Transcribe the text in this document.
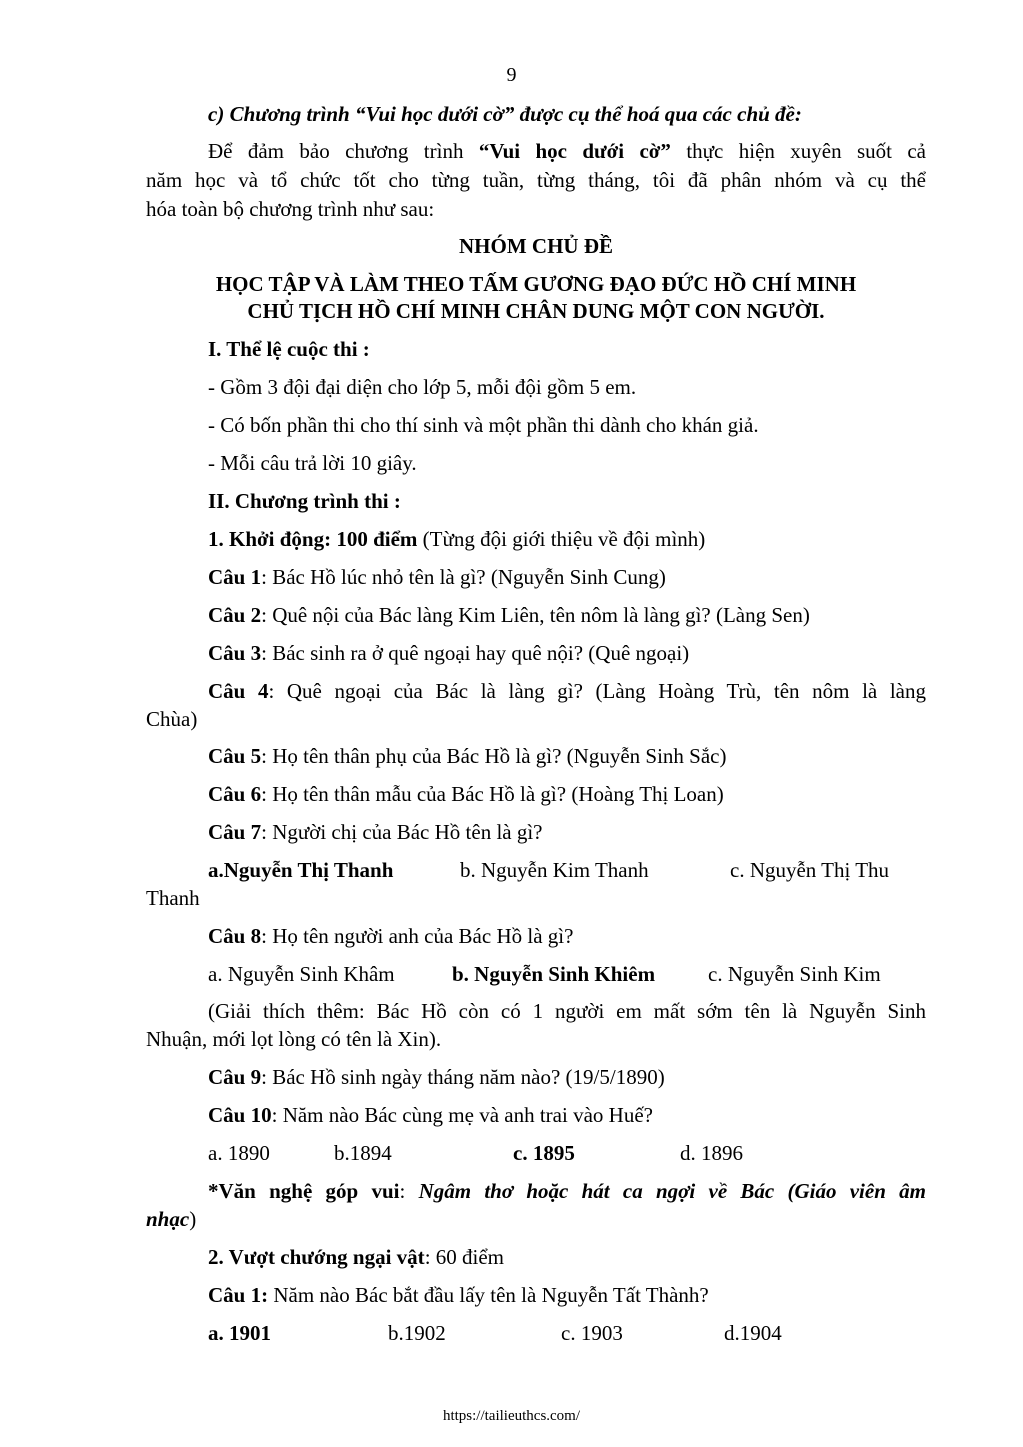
9
c) Chương trình “Vui học dưới cờ” được cụ thể hoá qua các chủ đề:
Để đảm bảo chương trình “Vui học dưới cờ” thực hiện xuyên suốt cả
năm học và tổ chức tốt cho từng tuần, từng tháng, tôi đã phân nhóm và cụ thể
hóa toàn bộ chương trình như sau:
NHÓM CHỦ ĐỀ
HỌC TẬP VÀ LÀM THEO TẤM GƯƠNG ĐẠO ĐỨC HỒ CHÍ MINH
CHỦ TỊCH HỒ CHÍ MINH CHÂN DUNG MỘT CON NGƯỜI.
I. Thể lệ cuộc thi :
- Gồm 3 đội đại diện cho lớp 5, mỗi đội gồm 5 em.
- Có bốn phần thi cho thí sinh và một phần thi dành cho khán giả.
- Mỗi câu trả lời 10 giây.
II. Chương trình thi :
1. Khởi động: 100 điểm (Từng đội giới thiệu về đội mình)
Câu 1: Bác Hồ lúc nhỏ tên là gì? (Nguyễn Sinh Cung)
Câu 2: Quê nội của Bác làng Kim Liên, tên nôm là làng gì? (Làng Sen)
Câu 3: Bác sinh ra ở quê ngoại hay quê nội? (Quê ngoại)
Câu 4: Quê ngoại của Bác là làng gì? (Làng Hoàng Trù, tên nôm là làng
Chùa)
Câu 5: Họ tên thân phụ của Bác Hồ là gì? (Nguyễn Sinh Sắc)
Câu 6: Họ tên thân mẫu của Bác Hồ là gì? (Hoàng Thị Loan)
Câu 7: Người chị của Bác Hồ tên là gì?
a.Nguyễn Thị Thanh	b. Nguyễn Kim Thanh	c. Nguyễn Thị Thu
Thanh
Câu 8: Họ tên người anh của Bác Hồ là gì?
a. Nguyễn Sinh Khâm	b. Nguyễn Sinh Khiêm	c. Nguyễn Sinh Kim
(Giải thích thêm: Bác Hồ còn có 1 người em mất sớm tên là Nguyễn Sinh
Nhuận, mới lọt lòng có tên là Xin).
Câu 9: Bác Hồ sinh ngày tháng năm nào? (19/5/1890)
Câu 10: Năm nào Bác cùng mẹ và anh trai vào Huế?
a. 1890	b.1894	c. 1895	d. 1896
*Văn nghệ góp vui: Ngâm thơ hoặc hát ca ngợi về Bác (Giáo viên âm
nhạc)
2. Vượt chướng ngại vật: 60 điểm
Câu 1: Năm nào Bác bắt đầu lấy tên là Nguyễn Tất Thành?
a. 1901	b.1902	c. 1903	d.1904
https://tailieuthcs.com/
